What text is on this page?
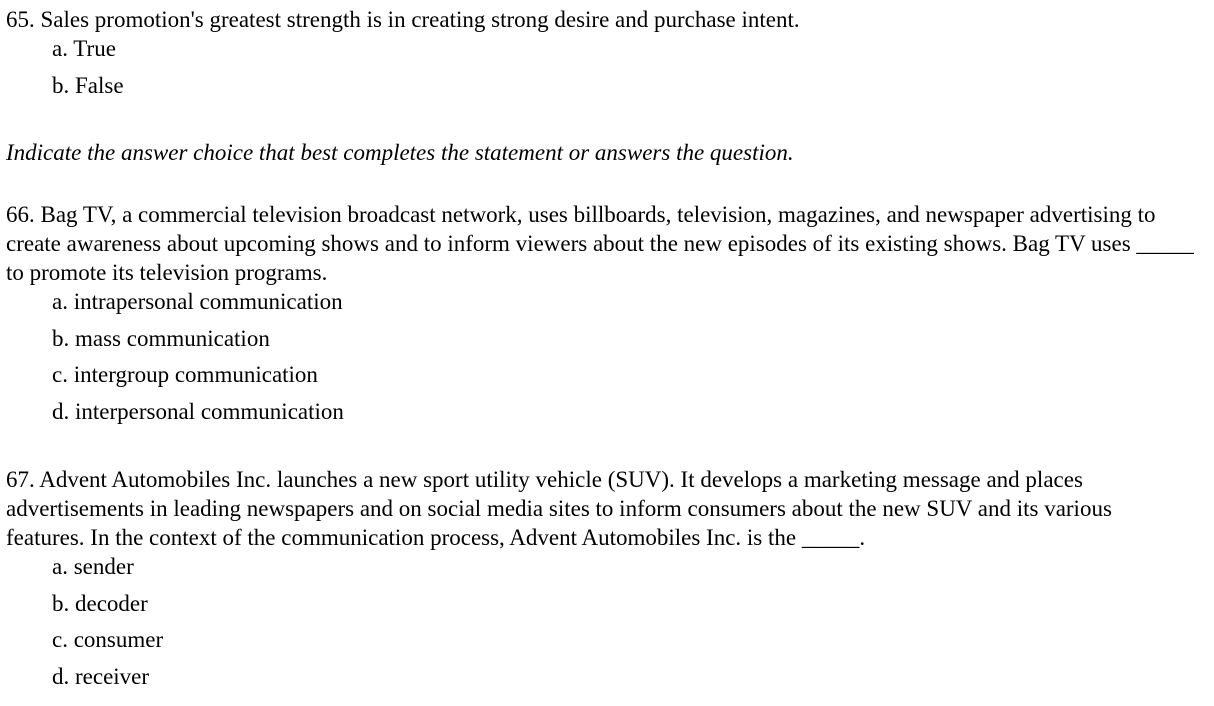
65. Sales promotion's greatest strength is in creating strong desire and purchase intent.

a. True

b. False

Indicate the answer choice that best completes the statement or answers the question.

66. Bag TV, a commercial television broadcast network, uses billboards, television, magazines, and newspaper advertising to create awareness about upcoming shows and to inform viewers about the new episodes of its existing shows. Bag TV uses _____ to promote its television programs.

a. intrapersonal communication

b. mass communication

c. intergroup communication

d. interpersonal communication

67. Advent Automobiles Inc. launches a new sport utility vehicle (SUV). It develops a marketing message and places
advertisements in leading newspapers and on social media sites to inform consumers about the new SUV and its various
features. In the context of the communication process, Advent Automobiles Inc. is the _____.

a. sender

b. decoder

c. consumer

d. receiver
